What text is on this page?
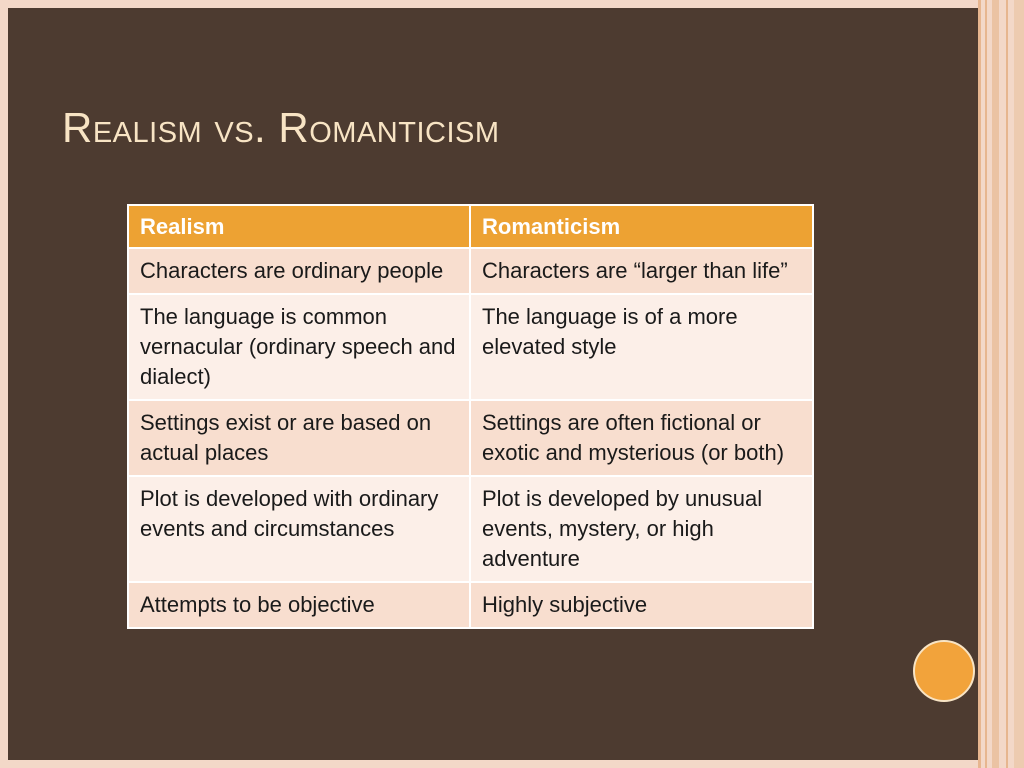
Realism vs. Romanticism
Realism	Romanticism
Characters are ordinary people	Characters are “larger than life”
The language is common vernacular (ordinary speech and dialect)	The language is of a more elevated style
Settings exist or are based on actual places	Settings are often fictional or exotic and mysterious (or both)
Plot is developed with ordinary events and circumstances	Plot is developed by unusual events, mystery, or high adventure
Attempts to be objective	Highly subjective
